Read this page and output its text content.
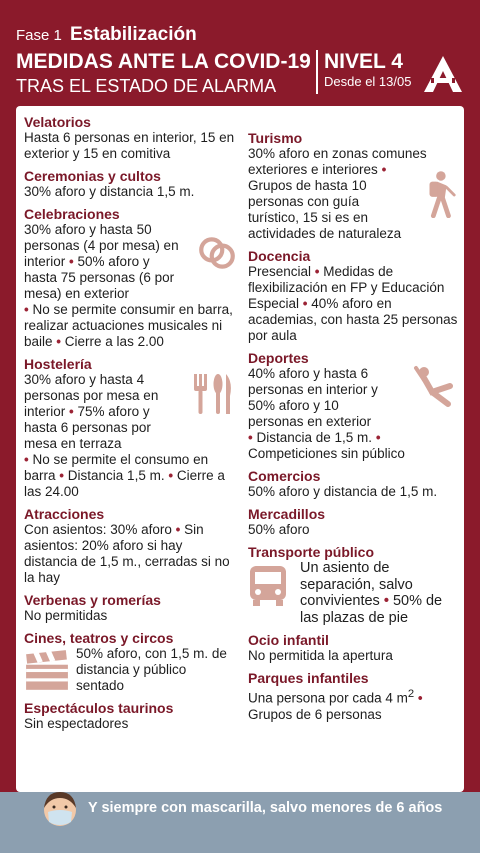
Fase 1 Estabilización
MEDIDAS ANTE LA COVID-19
TRAS EL ESTADO DE ALARMA
NIVEL 4
Desde el 13/05
Velatorios

Hasta 6 personas en interior, 15 en exterior y 15 en comitiva

Ceremonias y cultos

30% aforo y distancia 1,5 m.

Celebraciones

30% aforo y hasta 50 personas (4 por mesa) en interior • 50% aforo y hasta 75 personas (6 por mesa) en exterior

• No se permite consumir en barra, realizar actuaciones musicales ni baile • Cierre a las 2.00

Hostelería

30% aforo y hasta 4 personas por mesa en interior • 75% aforo y hasta 6 personas por mesa en terraza

• No se permite el consumo en barra • Distancia 1,5 m. • Cierre a las 24.00

Atracciones

Con asientos: 30% aforo • Sin asientos: 20% aforo si hay distancia de 1,5 m., cerradas si no la hay

Verbenas y romerías

No permitidas

Cines, teatros y circos

50% aforo, con 1,5 m. de distancia y público sentado

Espectáculos taurinos

Sin espectadores

Turismo

30% aforo en zonas comunes exteriores e interiores •

Grupos de hasta 10 personas con guía turístico, 15 si es en actividades de naturaleza

Docencia

Presencial • Medidas de flexibilización en FP y Educación Especial • 40% aforo en academias, con hasta 25 personas por aula

Deportes

40% aforo y hasta 6 personas en interior y 50% aforo y 10 personas en exterior

• Distancia de 1,5 m. • Competiciones sin público

Comercios

50% aforo y distancia de 1,5 m.

Mercadillos

50% aforo

Transporte público

Un asiento de separación, salvo convivientes • 50% de las plazas de pie

Ocio infantil

No permitida la apertura

Parques infantiles

Una persona por cada 4 $m^2$ • Grupos de 6 personas

Y siempre con mascarilla, salvo menores de 6 años
